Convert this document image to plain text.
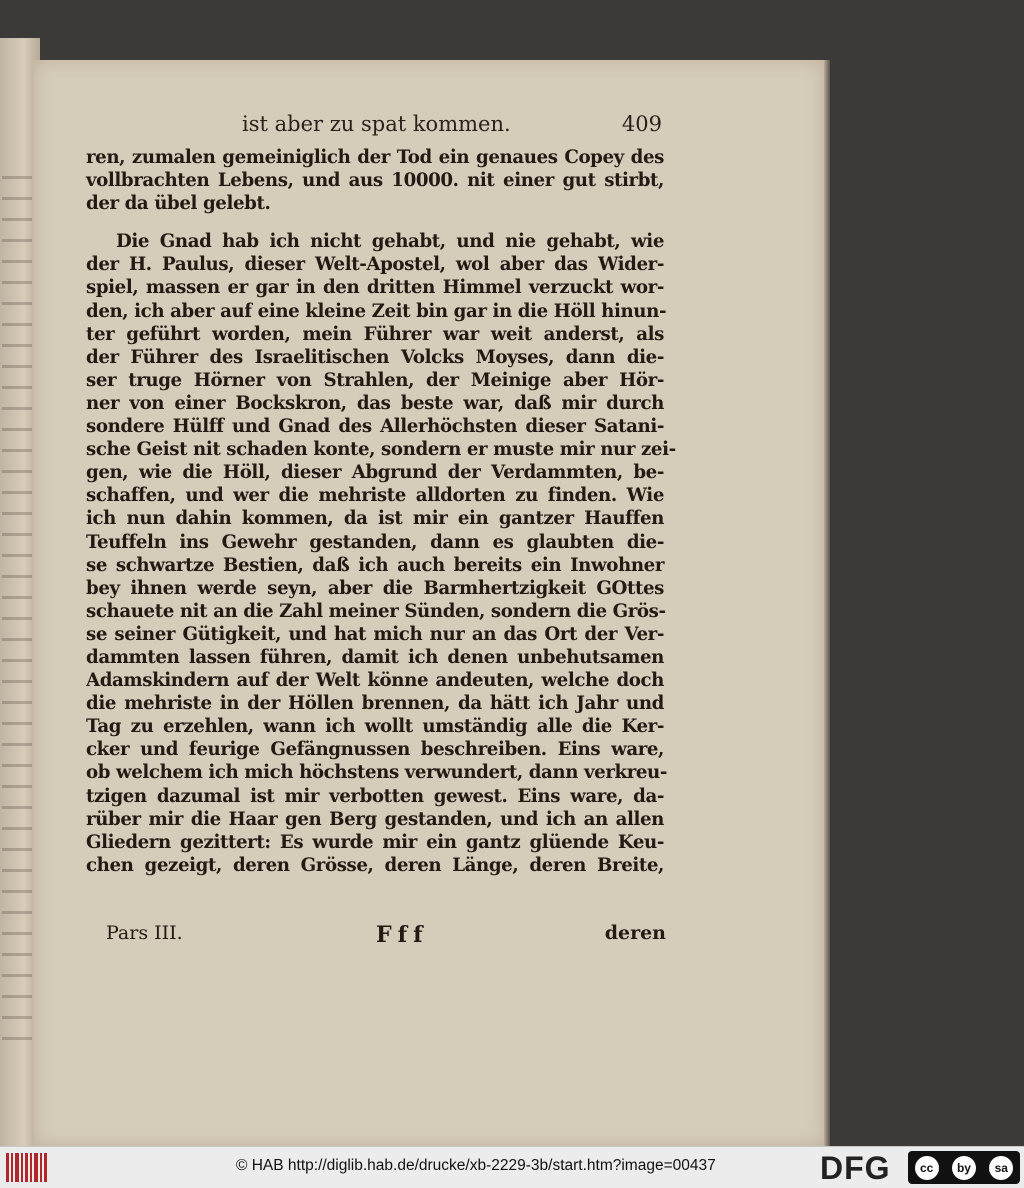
ist aber zu spat kommen.	409
ren, zumalen gemeiniglich der Tod ein genaues Copey des
vollbrachten Lebens, und aus 10000. nit einer gut stirbt,
der da übel gelebt.
Die Gnad hab ich nicht gehabt, und nie gehabt, wie
der H. Paulus, dieser Welt-Apostel, wol aber das Wider-
spiel, massen er gar in den dritten Himmel verzuckt wor-
den, ich aber auf eine kleine Zeit bin gar in die Höll hinun-
ter geführt worden, mein Führer war weit anderst, als
der Führer des Israelitischen Volcks Moyses, dann die-
ser truge Hörner von Strahlen, der Meinige aber Hör-
ner von einer Bockskron, das beste war, daß mir durch
sondere Hülff und Gnad des Allerhöchsten dieser Satani-
sche Geist nit schaden konte, sondern er muste mir nur zei-
gen, wie die Höll, dieser Abgrund der Verdammten, be-
schaffen, und wer die mehriste alldorten zu finden. Wie
ich nun dahin kommen, da ist mir ein gantzer Hauffen
Teuffeln ins Gewehr gestanden, dann es glaubten die-
se schwartze Bestien, daß ich auch bereits ein Inwohner
bey ihnen werde seyn, aber die Barmhertzigkeit GOttes
schauete nit an die Zahl meiner Sünden, sondern die Grös-
se seiner Gütigkeit, und hat mich nur an das Ort der Ver-
dammten lassen führen, damit ich denen unbehutsamen
Adamskindern auf der Welt könne andeuten, welche doch
die mehriste in der Höllen brennen, da hätt ich Jahr und
Tag zu erzehlen, wann ich wollt umständig alle die Ker-
cker und feurige Gefängnussen beschreiben. Eins ware,
ob welchem ich mich höchstens verwundert, dann verkreu-
tzigen dazumal ist mir verbotten gewest. Eins ware, da-
rüber mir die Haar gen Berg gestanden, und ich an allen
Gliedern gezittert: Es wurde mir ein gantz glüende Keu-
chen gezeigt, deren Grösse, deren Länge, deren Breite,
Pars III.	Fff	deren
© HAB http://diglib.hab.de/drucke/xb-2229-3b/start.htm?image=00437	DFG	cc	by	sa
